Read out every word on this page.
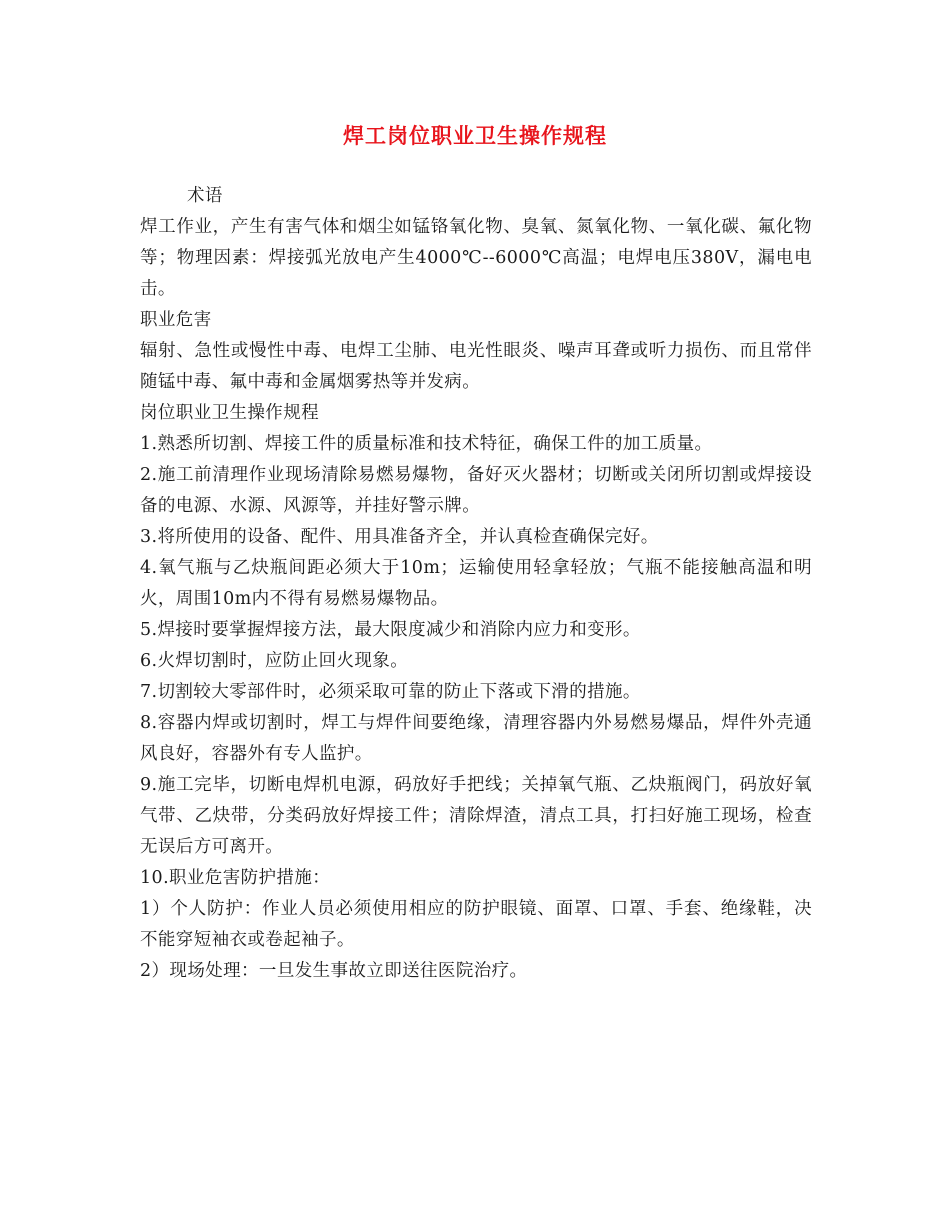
焊工岗位职业卫生操作规程

术语

焊工作业，产生有害气体和烟尘如锰铬氧化物、臭氧、氮氧化物、一氧化碳、氟化物等；物理因素：焊接弧光放电产生4000℃--6000℃高温；电焊电压380V，漏电电击。

职业危害

辐射、急性或慢性中毒、电焊工尘肺、电光性眼炎、噪声耳聋或听力损伤、而且常伴随锰中毒、氟中毒和金属烟雾热等并发病。

岗位职业卫生操作规程

1.熟悉所切割、焊接工件的质量标准和技术特征，确保工件的加工质量。

2.施工前清理作业现场清除易燃易爆物，备好灭火器材；切断或关闭所切割或焊接设备的电源、水源、风源等，并挂好警示牌。

3.将所使用的设备、配件、用具准备齐全，并认真检查确保完好。

4.氧气瓶与乙炔瓶间距必须大于10m；运输使用轻拿轻放；气瓶不能接触高温和明火，周围10m内不得有易燃易爆物品。

5.焊接时要掌握焊接方法，最大限度减少和消除内应力和变形。

6.火焊切割时，应防止回火现象。

7.切割较大零部件时，必须采取可靠的防止下落或下滑的措施。

8.容器内焊或切割时，焊工与焊件间要绝缘，清理容器内外易燃易爆品，焊件外壳通风良好，容器外有专人监护。

9.施工完毕，切断电焊机电源，码放好手把线；关掉氧气瓶、乙炔瓶阀门，码放好氧气带、乙炔带，分类码放好焊接工件；清除焊渣，清点工具，打扫好施工现场，检查无误后方可离开。

10.职业危害防护措施：

1）个人防护：作业人员必须使用相应的防护眼镜、面罩、口罩、手套、绝缘鞋，决不能穿短袖衣或卷起袖子。

2）现场处理：一旦发生事故立即送往医院治疗。
